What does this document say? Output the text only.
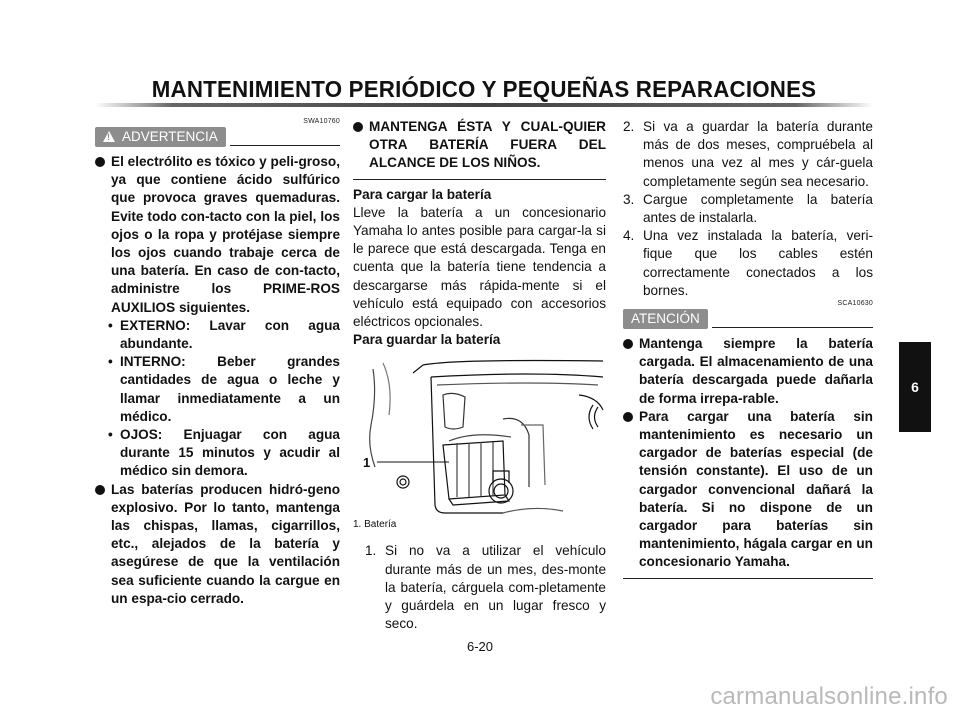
MANTENIMIENTO PERIÓDICO Y PEQUEÑAS REPARACIONES
SWA10760
!
ADVERTENCIA
El electrólito es tóxico y peli-groso, ya que contiene ácido sulfúrico que provoca graves quemaduras. Evite todo con-tacto con la piel, los ojos o la ropa y protéjase siempre los ojos cuando trabaje cerca de una batería. En caso de con-tacto, administre los PRIME-ROS AUXILIOS siguientes.
• EXTERNO: Lavar con agua abundante.
• INTERNO: Beber grandes cantidades de agua o leche y llamar inmediatamente a un médico.
• OJOS: Enjuagar con agua durante 15 minutos y acudir al médico sin demora.
Las baterías producen hidró-geno explosivo. Por lo tanto, mantenga las chispas, llamas, cigarrillos, etc., alejados de la batería y asegúrese de que la ventilación sea suficiente cuando la cargue en un espa-cio cerrado.
MANTENGA ÉSTA Y CUAL-QUIER OTRA BATERÍA FUERA DEL ALCANCE DE LOS NIÑOS.
Para cargar la batería
Lleve la batería a un concesionario Yamaha lo antes posible para cargar-la si le parece que está descargada. Tenga en cuenta que la batería tiene tendencia a descargarse más rápida-mente si el vehículo está equipado con accesorios eléctricos opcionales.
Para guardar la batería
1
1. Batería
1. Si no va a utilizar el vehículo durante más de un mes, des-monte la batería, cárguela com-pletamente y guárdela en un lugar fresco y seco.
2. Si va a guardar la batería durante más de dos meses, compruébela al menos una vez al mes y cár-guela completamente según sea necesario.
3. Cargue completamente la batería antes de instalarla.
4. Una vez instalada la batería, veri-fique que los cables estén correctamente conectados a los bornes.
SCA10630
ATENCIÓN
Mantenga siempre la batería cargada. El almacenamiento de una batería descargada puede dañarla de forma irrepa-rable.
Para cargar una batería sin mantenimiento es necesario un cargador de baterías especial (de tensión constante). El uso de un cargador convencional dañará la batería. Si no dispone de un cargador para baterías sin mantenimiento, hágala cargar en un concesionario Yamaha.
6
6-20
carmanualsonline.info
